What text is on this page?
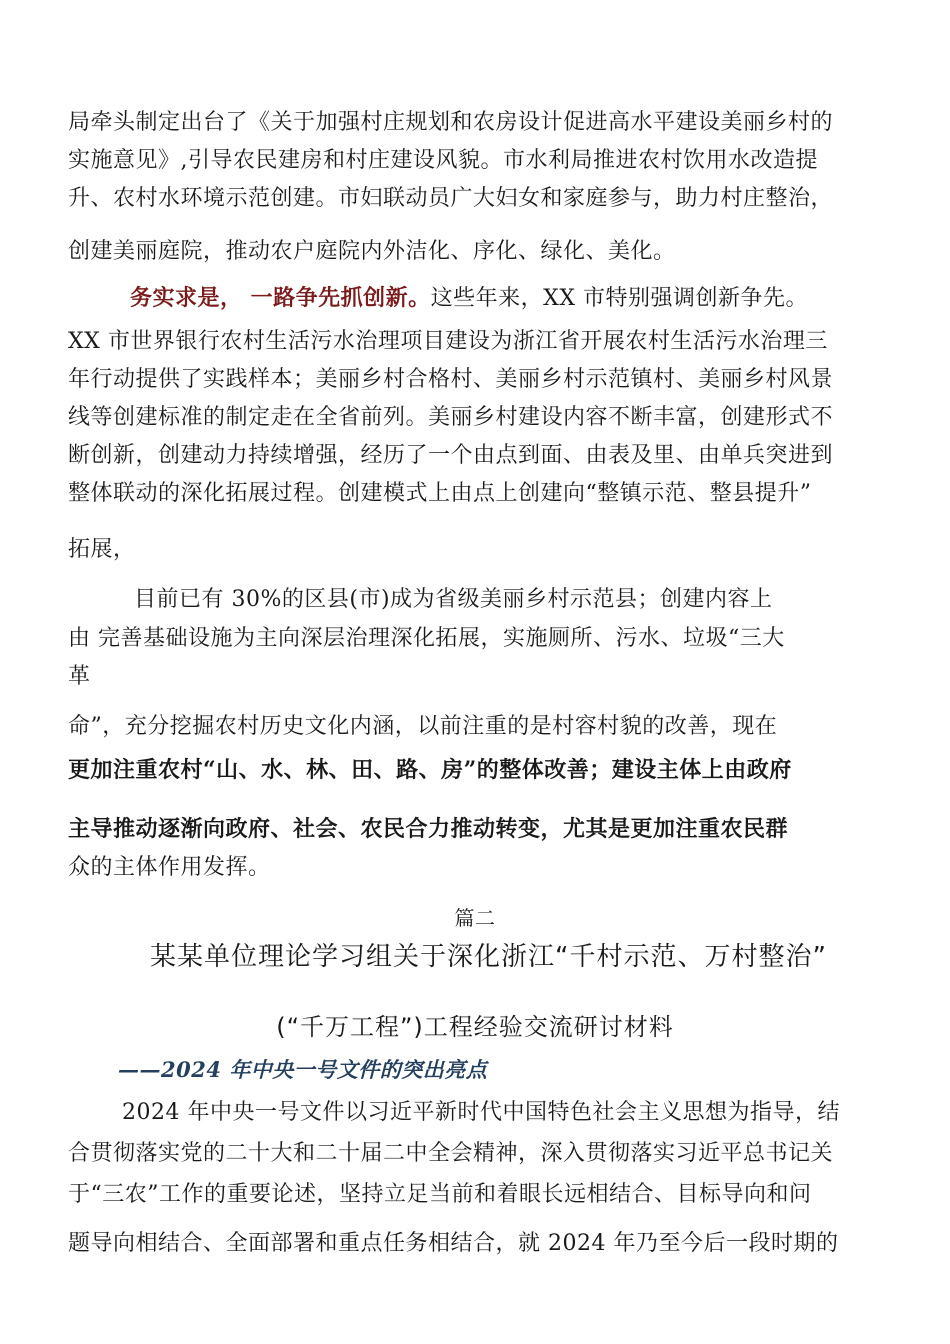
局牵头制定出台了《关于加强村庄规划和农房设计促进高水平建设美丽乡村的
实施意见》,引导农民建房和村庄建设风貌。市水利局推进农村饮用水改造提
升、农村水环境示范创建。市妇联动员广大妇女和家庭参与，助力村庄整治，
创建美丽庭院，推动农户庭院内外洁化、序化、绿化、美化。
务实求是， 一路争先抓创新。这些年来，XX 市特别强调创新争先。
XX 市世界银行农村生活污水治理项目建设为浙江省开展农村生活污水治理三
年行动提供了实践样本；美丽乡村合格村、美丽乡村示范镇村、美丽乡村风景
线等创建标准的制定走在全省前列。美丽乡村建设内容不断丰富，创建形式不
断创新，创建动力持续增强，经历了一个由点到面、由表及里、由单兵突进到
整体联动的深化拓展过程。创建模式上由点上创建向“整镇示范、整县提升”
拓展，
目前已有 30%的区县(市)成为省级美丽乡村示范县；创建内容上
由 完善基础设施为主向深层治理深化拓展，实施厕所、污水、垃圾“三大
革
命”，充分挖掘农村历史文化内涵，以前注重的是村容村貌的改善，现在
更加注重农村“山、水、林、田、路、房”的整体改善；建设主体上由政府
主导推动逐渐向政府、社会、农民合力推动转变，尤其是更加注重农民群
众的主体作用发挥。
篇二
某某单位理论学习组关于深化浙江“千村示范、万村整治”
(“千万工程”)工程经验交流研讨材料
——2024 年中央一号文件的突出亮点
2024 年中央一号文件以习近平新时代中国特色社会主义思想为指导，结
合贯彻落实党的二十大和二十届二中全会精神，深入贯彻落实习近平总书记关
于“三农”工作的重要论述，坚持立足当前和着眼长远相结合、目标导向和问
题导向相结合、全面部署和重点任务相结合，就 2024 年乃至今后一段时期的
